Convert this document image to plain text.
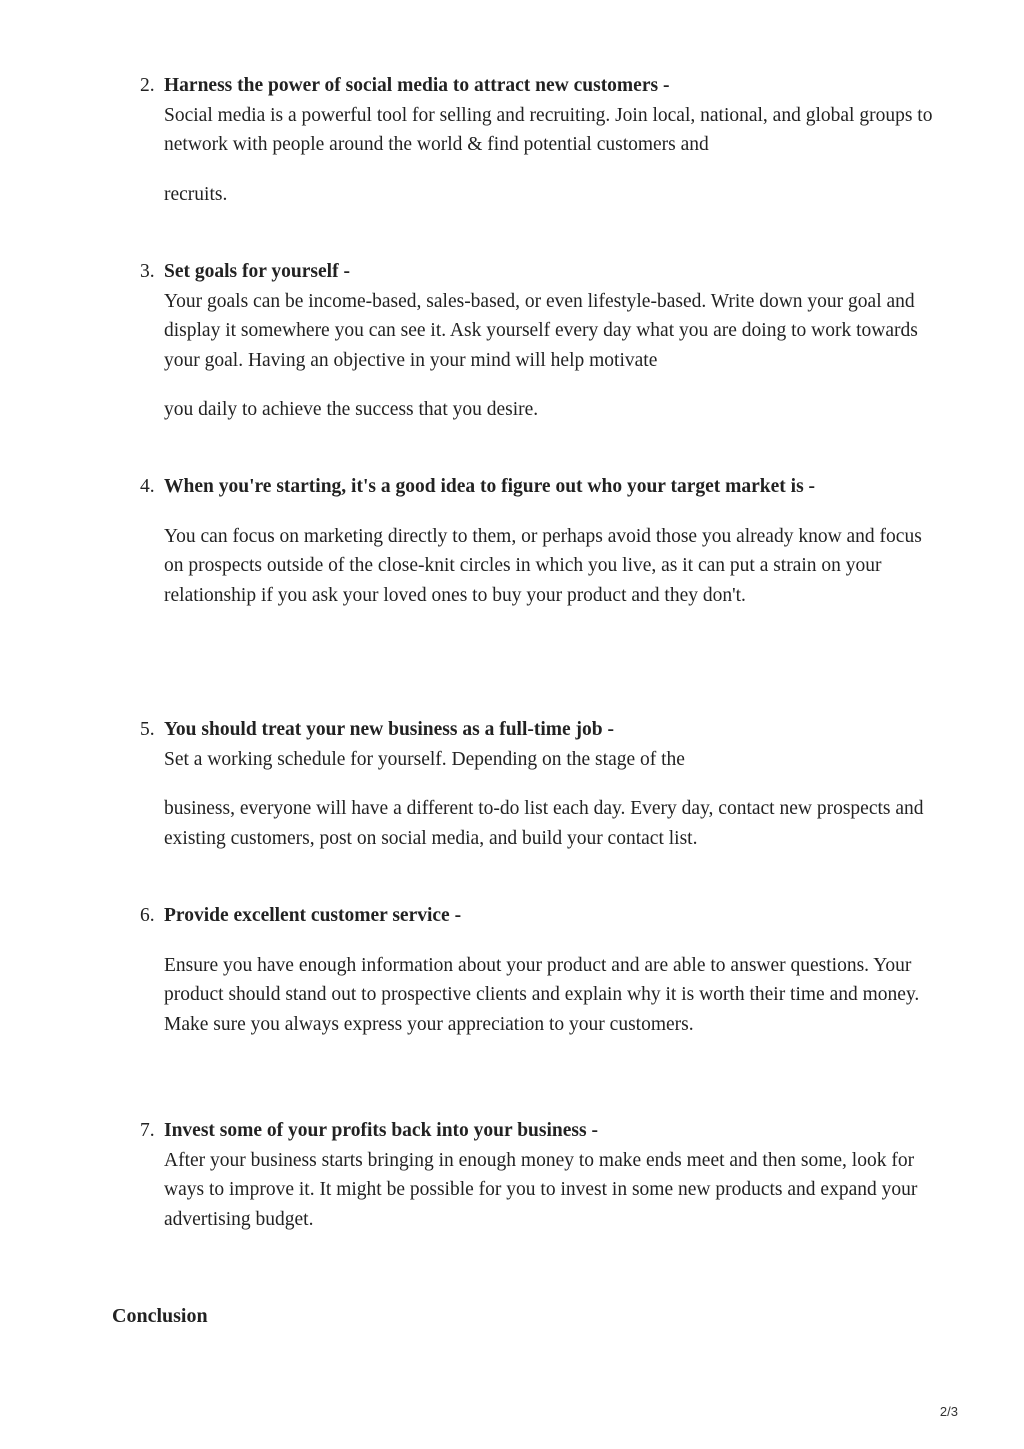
2. Harness the power of social media to attract new customers -

Social media is a powerful tool for selling and recruiting. Join local, national, and global groups to network with people around the world & find potential customers and

recruits.

3. Set goals for yourself -

Your goals can be income-based, sales-based, or even lifestyle-based. Write down your goal and display it somewhere you can see it. Ask yourself every day what you are doing to work towards your goal. Having an objective in your mind will help motivate

you daily to achieve the success that you desire.

4. When you're starting, it's a good idea to figure out who your target market is -

You can focus on marketing directly to them, or perhaps avoid those you already know and focus on prospects outside of the close-knit circles in which you live, as it can put a strain on your relationship if you ask your loved ones to buy your product and they don't.

5. You should treat your new business as a full-time job -

Set a working schedule for yourself. Depending on the stage of the

business, everyone will have a different to-do list each day. Every day, contact new prospects and existing customers, post on social media, and build your contact list.

6. Provide excellent customer service -

Ensure you have enough information about your product and are able to answer questions. Your product should stand out to prospective clients and explain why it is worth their time and money. Make sure you always express your appreciation to your customers.

7. Invest some of your profits back into your business -

After your business starts bringing in enough money to make ends meet and then some, look for ways to improve it. It might be possible for you to invest in some new products and expand your advertising budget.

Conclusion
2/3
